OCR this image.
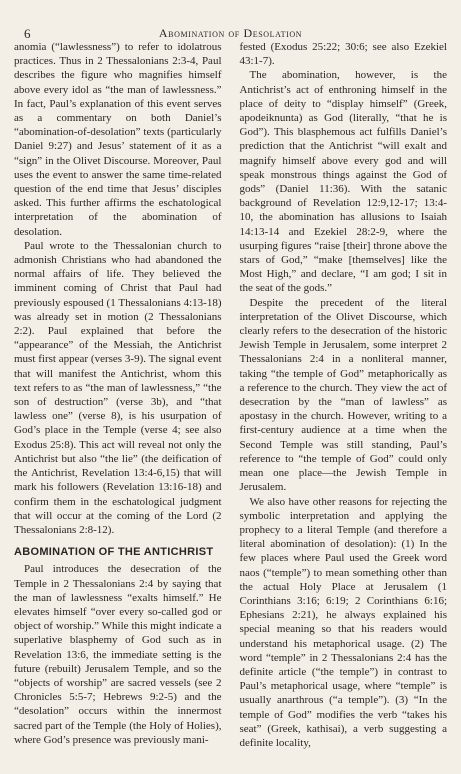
6	Abomination of Desolation

anomia (“lawlessness”) to refer to idolatrous practices. Thus in 2 Thessalonians 2:3-4, Paul describes the figure who magnifies himself above every idol as “the man of lawlessness.” In fact, Paul’s explanation of this event serves as a commentary on both Daniel’s “abomination-of-desolation” texts (particularly Daniel 9:27) and Jesus’ statement of it as a “sign” in the Olivet Discourse. Moreover, Paul uses the event to answer the same time-related question of the end time that Jesus’ disciples asked. This further affirms the eschatological interpretation of the abomination of desolation.

Paul wrote to the Thessalonian church to admonish Christians who had abandoned the normal affairs of life. They believed the imminent coming of Christ that Paul had previously espoused (1 Thessalonians 4:13-18) was already set in motion (2 Thessalonians 2:2). Paul explained that before the “appearance” of the Messiah, the Antichrist must first appear (verses 3-9). The signal event that will manifest the Antichrist, whom this text refers to as “the man of lawlessness,” “the son of destruction” (verse 3b), and “that lawless one” (verse 8), is his usurpation of God’s place in the Temple (verse 4; see also Exodus 25:8). This act will reveal not only the Antichrist but also “the lie” (the deification of the Antichrist, Revelation 13:4-6,15) that will mark his followers (Revelation 13:16-18) and confirm them in the eschatological judgment that will occur at the coming of the Lord (2 Thessalonians 2:8-12).

ABOMINATION OF THE ANTICHRIST

Paul introduces the desecration of the Temple in 2 Thessalonians 2:4 by saying that the man of lawlessness “exalts himself.” He elevates himself “over every so-called god or object of worship.” While this might indicate a superlative blasphemy of God such as in Revelation 13:6, the immediate setting is the future (rebuilt) Jerusalem Temple, and so the “objects of worship” are sacred vessels (see 2 Chronicles 5:5-7; Hebrews 9:2-5) and the “desolation” occurs within the innermost sacred part of the Temple (the Holy of Holies), where God’s presence was previously mani-

fested (Exodus 25:22; 30:6; see also Ezekiel 43:1-7).

The abomination, however, is the Antichrist’s act of enthroning himself in the place of deity to “display himself” (Greek, apodeiknunta) as God (literally, “that he is God”). This blasphemous act fulfills Daniel’s prediction that the Antichrist “will exalt and magnify himself above every god and will speak monstrous things against the God of gods” (Daniel 11:36). With the satanic background of Revelation 12:9,12-17; 13:4-10, the abomination has allusions to Isaiah 14:13-14 and Ezekiel 28:2-9, where the usurping figures “raise [their] throne above the stars of God,” “make [themselves] like the Most High,” and declare, “I am god; I sit in the seat of the gods.”

Despite the precedent of the literal interpretation of the Olivet Discourse, which clearly refers to the desecration of the historic Jewish Temple in Jerusalem, some interpret 2 Thessalonians 2:4 in a nonliteral manner, taking “the temple of God” metaphorically as a reference to the church. They view the act of desecration by the “man of lawless” as apostasy in the church. However, writing to a first-century audience at a time when the Second Temple was still standing, Paul’s reference to “the temple of God” could only mean one place—the Jewish Temple in Jerusalem.

We also have other reasons for rejecting the symbolic interpretation and applying the prophecy to a literal Temple (and therefore a literal abomination of desolation): (1) In the few places where Paul used the Greek word naos (“temple”) to mean something other than the actual Holy Place at Jerusalem (1 Corinthians 3:16; 6:19; 2 Corinthians 6:16; Ephesians 2:21), he always explained his special meaning so that his readers would understand his metaphorical usage. (2) The word “temple” in 2 Thessalonians 2:4 has the definite article (“the temple”) in contrast to Paul’s metaphorical usage, where “temple” is usually anarthrous (“a temple”). (3) “In the temple of God” modifies the verb “takes his seat” (Greek, kathisai), a verb suggesting a definite locality,
